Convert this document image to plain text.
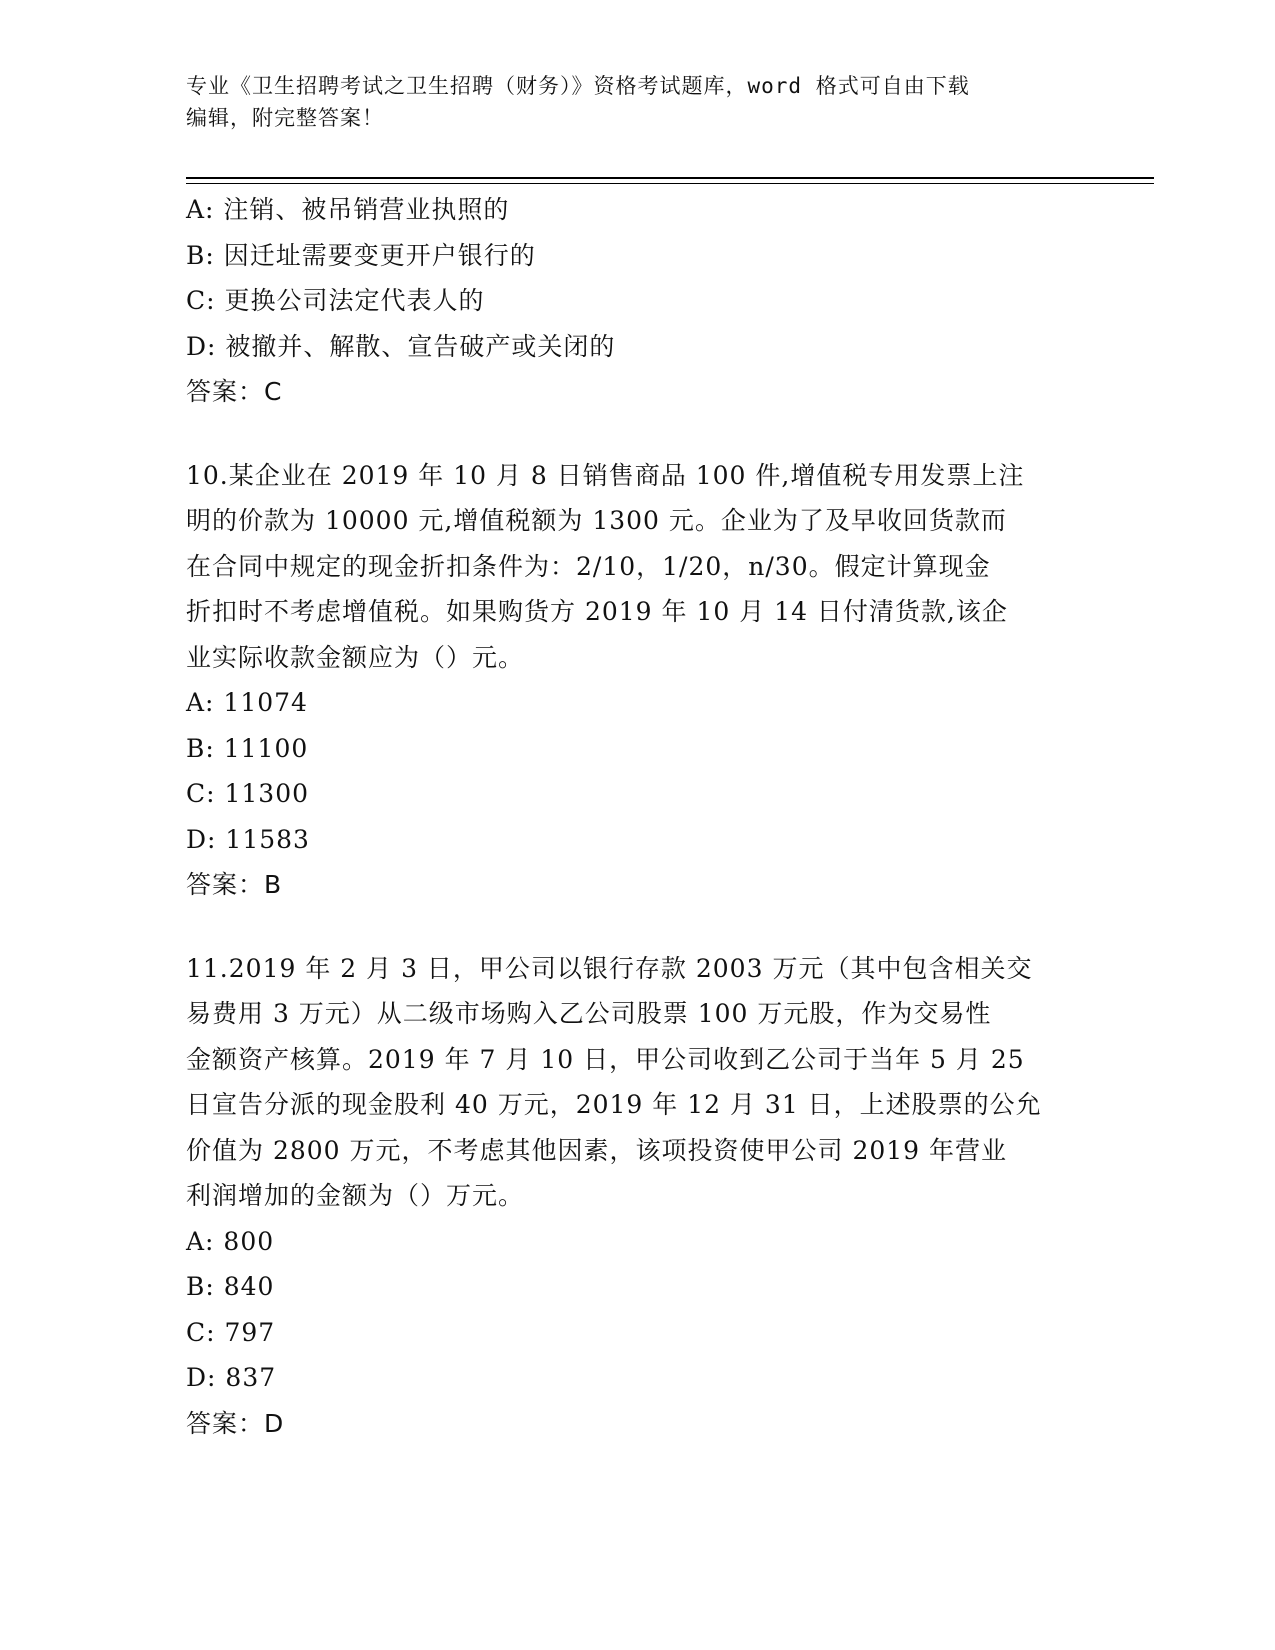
专业《卫生招聘考试之卫生招聘（财务）》资格考试题库，word 格式可自由下载
编辑，附完整答案！
A: 注销、被吊销营业执照的
B: 因迁址需要变更开户银行的
C: 更换公司法定代表人的
D: 被撤并、解散、宣告破产或关闭的
答案：C
10.某企业在 2019 年 10 月 8 日销售商品 100 件,增值税专用发票上注
明的价款为 10000 元,增值税额为 1300 元。企业为了及早收回货款而
在合同中规定的现金折扣条件为：2/10，1/20，n/30。假定计算现金
折扣时不考虑增值税。如果购货方 2019 年 10 月 14 日付清货款,该企
业实际收款金额应为（）元。
A: 11074
B: 11100
C: 11300
D: 11583
答案：B
11.2019 年 2 月 3 日，甲公司以银行存款 2003 万元（其中包含相关交
易费用 3 万元）从二级市场购入乙公司股票 100 万元股，作为交易性
金额资产核算。2019 年 7 月 10 日，甲公司收到乙公司于当年 5 月 25
日宣告分派的现金股利 40 万元，2019 年 12 月 31 日，上述股票的公允
价值为 2800 万元，不考虑其他因素，该项投资使甲公司 2019 年营业
利润增加的金额为（）万元。
A: 800
B: 840
C: 797
D: 837
答案：D
